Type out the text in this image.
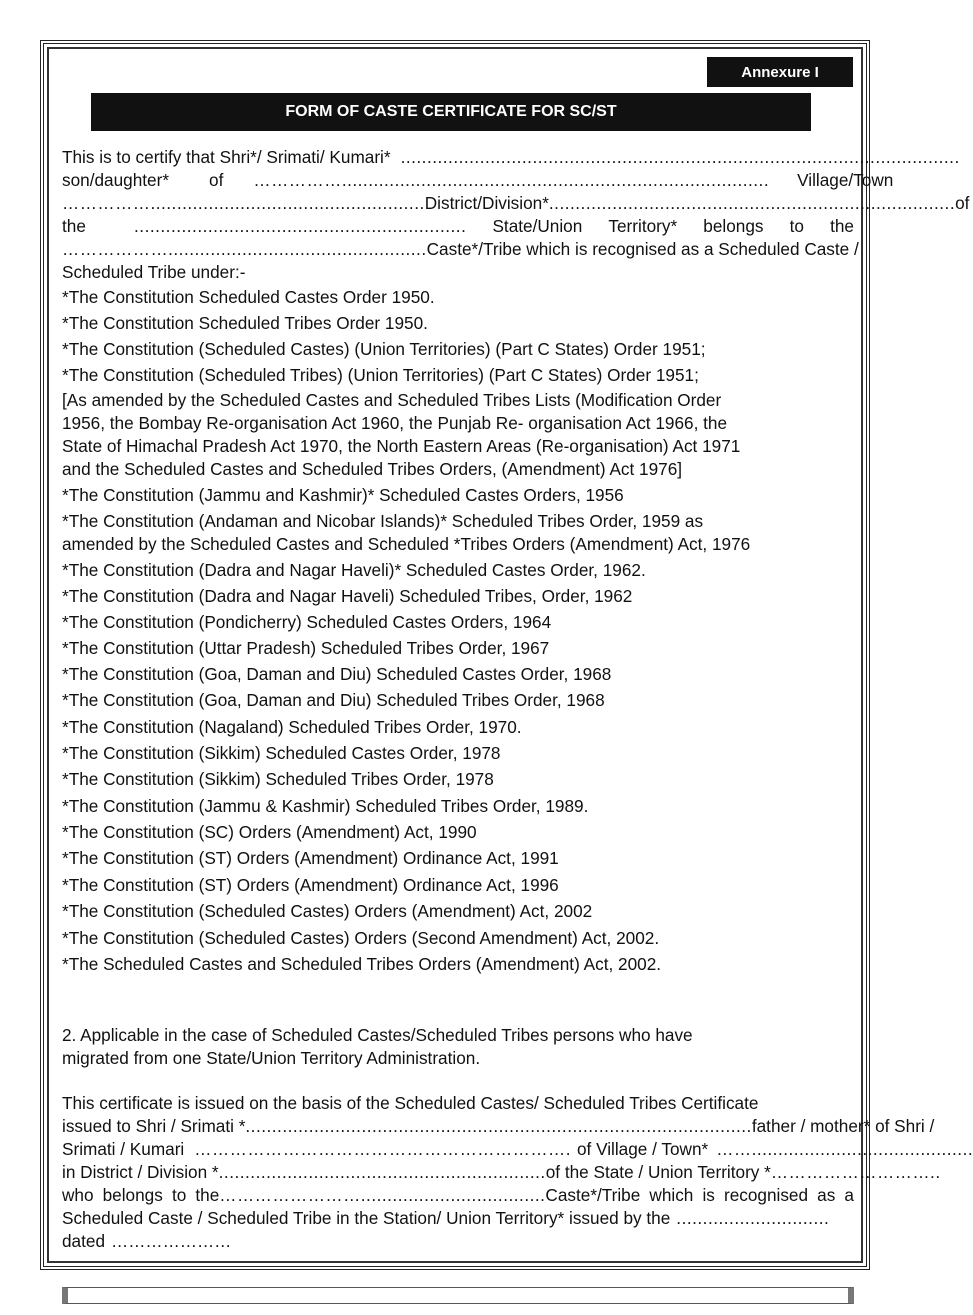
Annexure I
FORM OF CASTE CERTIFICATE FOR SC/ST
This is to certify that Shri*/ Srimati/ Kumari* ..........................................................................................................
son/daughter* of ……………................................................................................. Village/Town
…………….................................................... District/Division* ............................................................................. of
the	............................................................... State/Union Territory* belongs to the
………………................................................. Caste*/Tribe which is recognised as a Scheduled Caste /
Scheduled Tribe under:-
*The Constitution Scheduled Castes Order 1950.
*The Constitution Scheduled Tribes Order 1950.
*The Constitution (Scheduled Castes) (Union Territories) (Part C States) Order 1951;
*The Constitution (Scheduled Tribes) (Union Territories) (Part C States) Order 1951;
[As amended by the Scheduled Castes and Scheduled Tribes Lists (Modification Order
1956, the Bombay Re-organisation Act 1960, the Punjab Re- organisation Act 1966, the
State of Himachal Pradesh Act 1970, the North Eastern Areas (Re-organisation) Act 1971
and the Scheduled Castes and Scheduled Tribes Orders, (Amendment) Act 1976]
*The Constitution (Jammu and Kashmir)* Scheduled Castes Orders, 1956
*The Constitution (Andaman and Nicobar Islands)* Scheduled Tribes Order, 1959 as
amended by the Scheduled Castes and Scheduled *Tribes Orders (Amendment) Act, 1976
*The Constitution (Dadra and Nagar Haveli)* Scheduled Castes Order, 1962.
*The Constitution (Dadra and Nagar Haveli) Scheduled Tribes, Order, 1962
*The Constitution (Pondicherry) Scheduled Castes Orders, 1964
*The Constitution (Uttar Pradesh) Scheduled Tribes Order, 1967
*The Constitution (Goa, Daman and Diu) Scheduled Castes Order, 1968
*The Constitution (Goa, Daman and Diu) Scheduled Tribes Order, 1968
*The Constitution (Nagaland) Scheduled Tribes Order, 1970.
*The Constitution (Sikkim) Scheduled Castes Order, 1978
*The Constitution (Sikkim) Scheduled Tribes Order, 1978
*The Constitution (Jammu & Kashmir) Scheduled Tribes Order, 1989.
*The Constitution (SC) Orders (Amendment) Act, 1990
*The Constitution (ST) Orders (Amendment) Ordinance Act, 1991
*The Constitution (ST) Orders (Amendment) Ordinance Act, 1996
*The Constitution (Scheduled Castes) Orders (Amendment) Act, 2002
*The Constitution (Scheduled Castes) Orders (Second Amendment) Act, 2002.
*The Scheduled Castes and Scheduled Tribes Orders (Amendment) Act, 2002.
2. Applicable in the case of Scheduled Castes/Scheduled Tribes persons who have
migrated from one State/Union Territory Administration.
This certificate is issued on the basis of the Scheduled Castes/ Scheduled Tribes Certificate
issued to Shri / Srimati * ................................................................................................ father / mother* of Shri /
Srimati / Kumari ………………………………………………………. of Village / Town* ……..........................................
in District / Division * .............................................................. of the State / Union Territory * ………………………..
who belongs to the ……………………................................... Caste*/Tribe which is recognised as a
Scheduled Caste / Scheduled Tribe in the Station/ Union Territory* issued by the .............................
dated …………………
